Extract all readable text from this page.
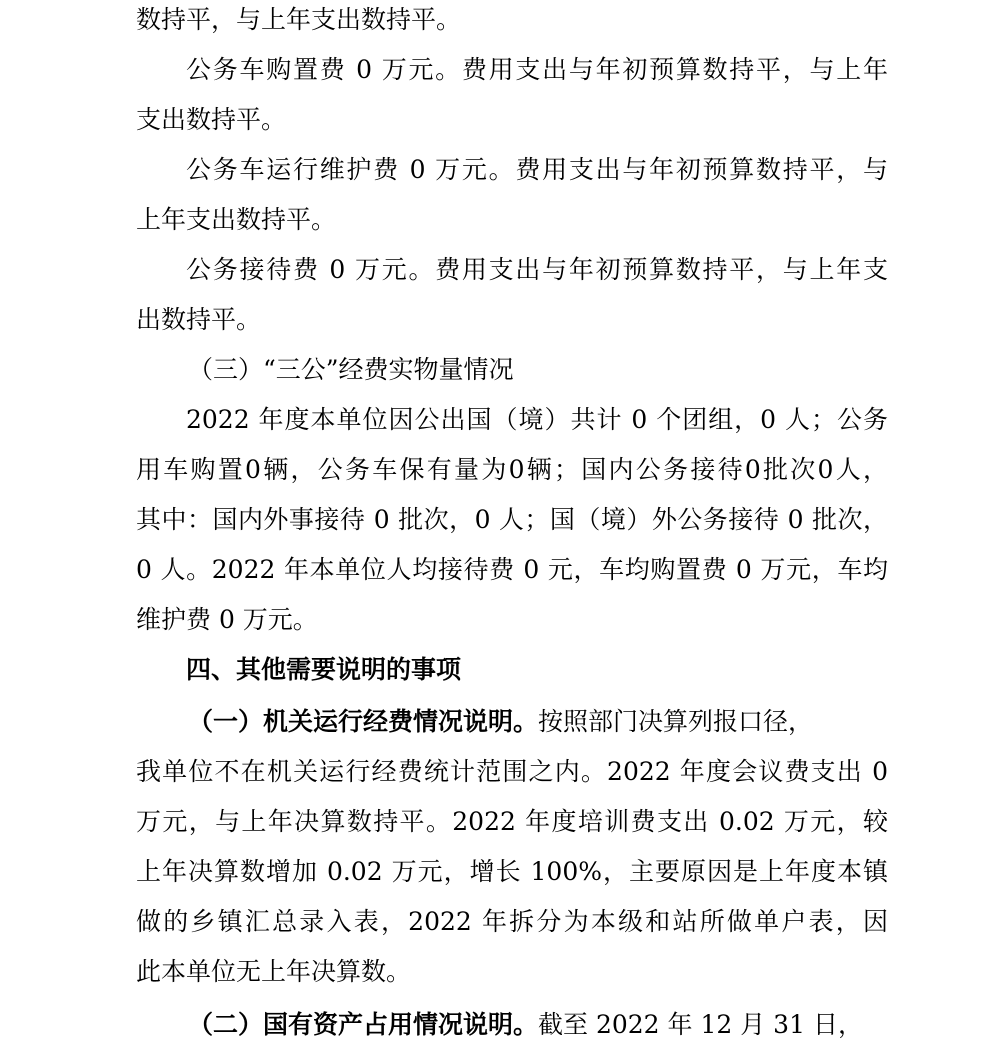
数持平，与上年支出数持平。
公务车购置费 0 万元。费用支出与年初预算数持平，与上年
支出数持平。
公务车运行维护费 0 万元。费用支出与年初预算数持平，与
上年支出数持平。
公务接待费 0 万元。费用支出与年初预算数持平，与上年支
出数持平。
（三）“三公”经费实物量情况
2022 年度本单位因公出国（境）共计 0 个团组，0 人；公务
用车购置0辆，公务车保有量为0辆；国内公务接待0批次0人，
其中：国内外事接待 0 批次，0 人；国（境）外公务接待 0 批次，
0 人。2022 年本单位人均接待费 0 元，车均购置费 0 万元，车均
维护费 0 万元。
四、其他需要说明的事项
（一）机关运行经费情况说明。按照部门决算列报口径，
我单位不在机关运行经费统计范围之内。2022 年度会议费支出 0
万元，与上年决算数持平。2022 年度培训费支出 0.02 万元，较
上年决算数增加 0.02 万元，增长 100%，主要原因是上年度本镇
做的乡镇汇总录入表，2022 年拆分为本级和站所做单户表，因
此本单位无上年决算数。
（二）国有资产占用情况说明。截至 2022 年 12 月 31 日，
